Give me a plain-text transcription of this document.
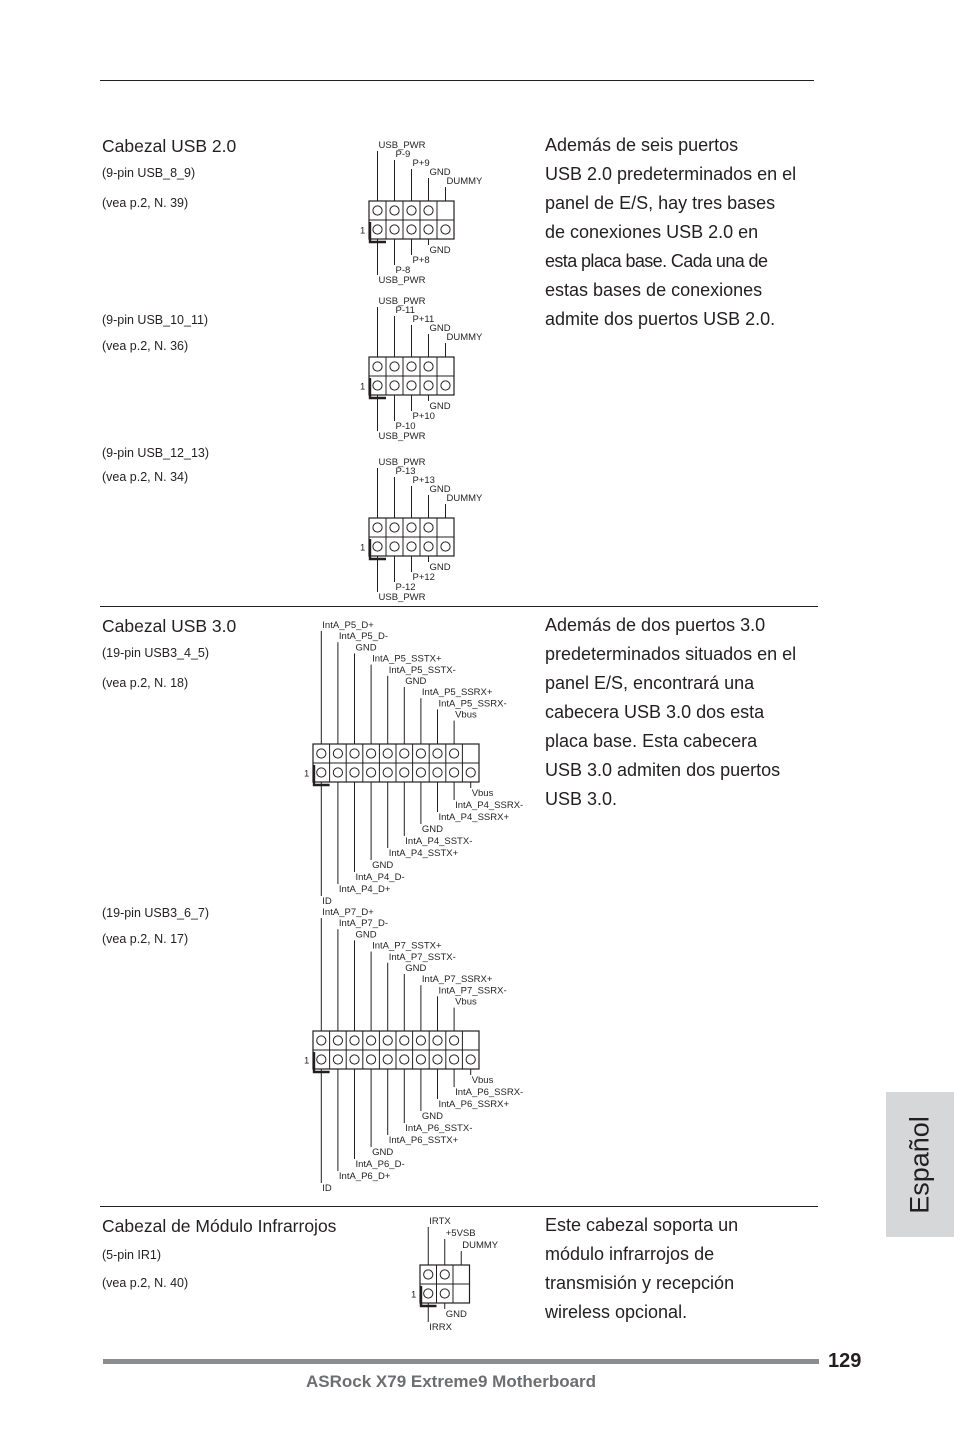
Cabezal USB 2.0
(9-pin USB_8_9)
(vea p.2, N. 39)
(9-pin USB_10_11)
(vea p.2, N. 36)
(9-pin USB_12_13)
(vea p.2, N. 34)
Además de seis puertos
USB 2.0 predeterminados en el
panel de E/S, hay tres bases
de conexiones USB 2.0 en
esta placa base. Cada una de
estas bases de conexiones
admite dos puertos USB 2.0.
1
USB_PWR
P-9
P+9
GND
DUMMY
GND
P+8
P-8
USB_PWR
1
USB_PWR
P-11
P+11
GND
DUMMY
GND
P+10
P-10
USB_PWR
1
USB_PWR
P-13
P+13
GND
DUMMY
GND
P+12
P-12
USB_PWR
Cabezal USB 3.0
(19-pin USB3_4_5)
(vea p.2, N. 18)
(19-pin USB3_6_7)
(vea p.2, N. 17)
Además de dos puertos 3.0
predeterminados situados en el
panel E/S, encontrará una
cabecera USB 3.0 dos esta
placa base. Esta cabecera
USB 3.0 admiten dos puertos
USB 3.0.
1
IntA_P5_D+
IntA_P5_D-
GND
IntA_P5_SSTX+
IntA_P5_SSTX-
GND
IntA_P5_SSRX+
IntA_P5_SSRX-
Vbus
Vbus
IntA_P4_SSRX-
IntA_P4_SSRX+
GND
IntA_P4_SSTX-
IntA_P4_SSTX+
GND
IntA_P4_D-
IntA_P4_D+
ID
1
IntA_P7_D+
IntA_P7_D-
GND
IntA_P7_SSTX+
IntA_P7_SSTX-
GND
IntA_P7_SSRX+
IntA_P7_SSRX-
Vbus
Vbus
IntA_P6_SSRX-
IntA_P6_SSRX+
GND
IntA_P6_SSTX-
IntA_P6_SSTX+
GND
IntA_P6_D-
IntA_P6_D+
ID
Cabezal de Módulo Infrarrojos
(5-pin IR1)
(vea p.2, N. 40)
Este cabezal soporta un
módulo infrarrojos de
transmisión y recepción
wireless opcional.
1
IRTX
+5VSB
DUMMY
GND
IRRX
Español
129
ASRock X79 Extreme9 Motherboard
